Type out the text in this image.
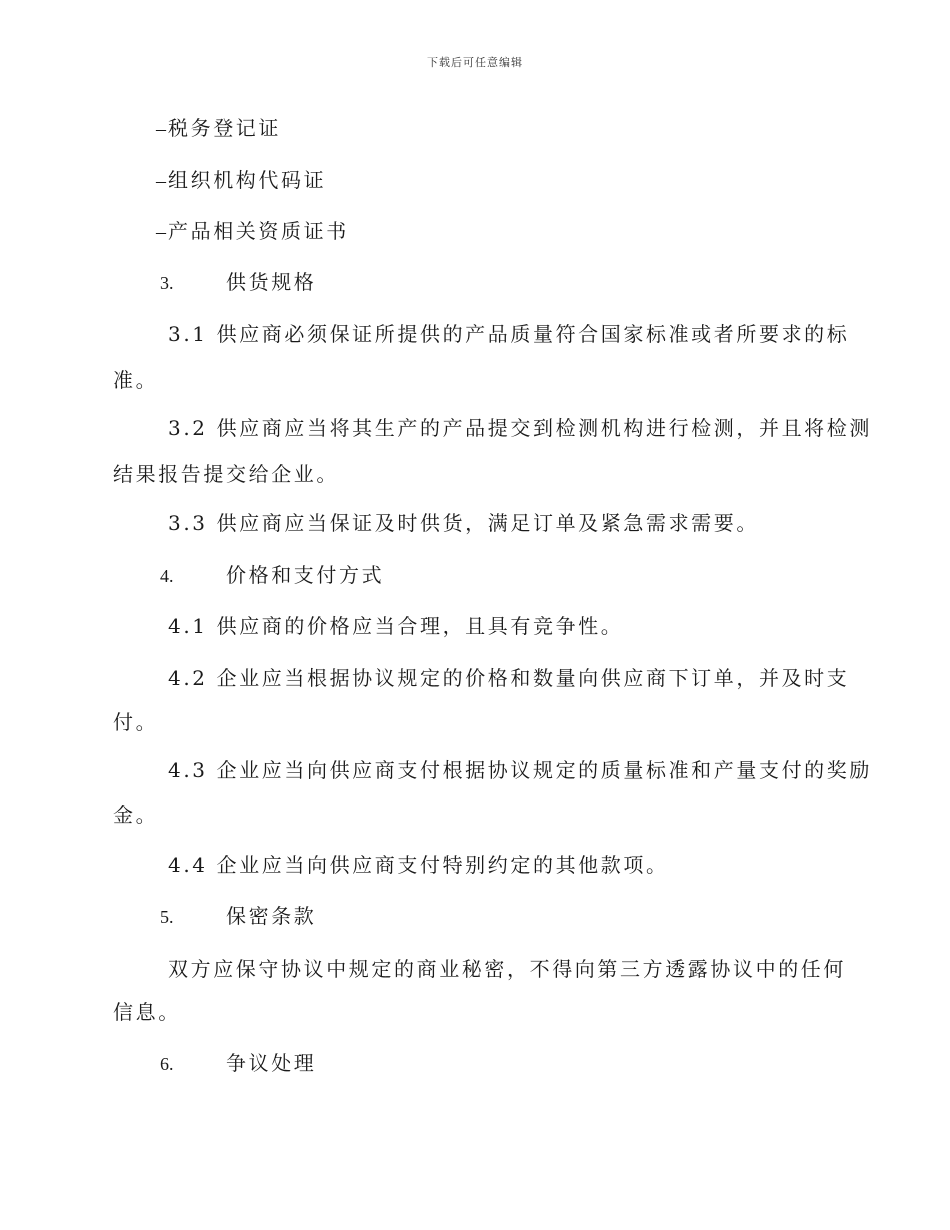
下载后可任意编辑
– 税务登记证
– 组织机构代码证
– 产品相关资质证书
3.	供货规格
3.1 供应商必须保证所提供的产品质量符合国家标准或者所要求的标
准。
3.2 供应商应当将其生产的产品提交到检测机构进行检测，并且将检测
结果报告提交给企业。
3.3 供应商应当保证及时供货，满足订单及紧急需求需要。
4.	价格和支付方式
4.1 供应商的价格应当合理，且具有竞争性。
4.2 企业应当根据协议规定的价格和数量向供应商下订单，并及时支
付。
4.3 企业应当向供应商支付根据协议规定的质量标准和产量支付的奖励
金。
4.4 企业应当向供应商支付特别约定的其他款项。
5.	保密条款
双方应保守协议中规定的商业秘密，不得向第三方透露协议中的任何
信息。
6.	争议处理
